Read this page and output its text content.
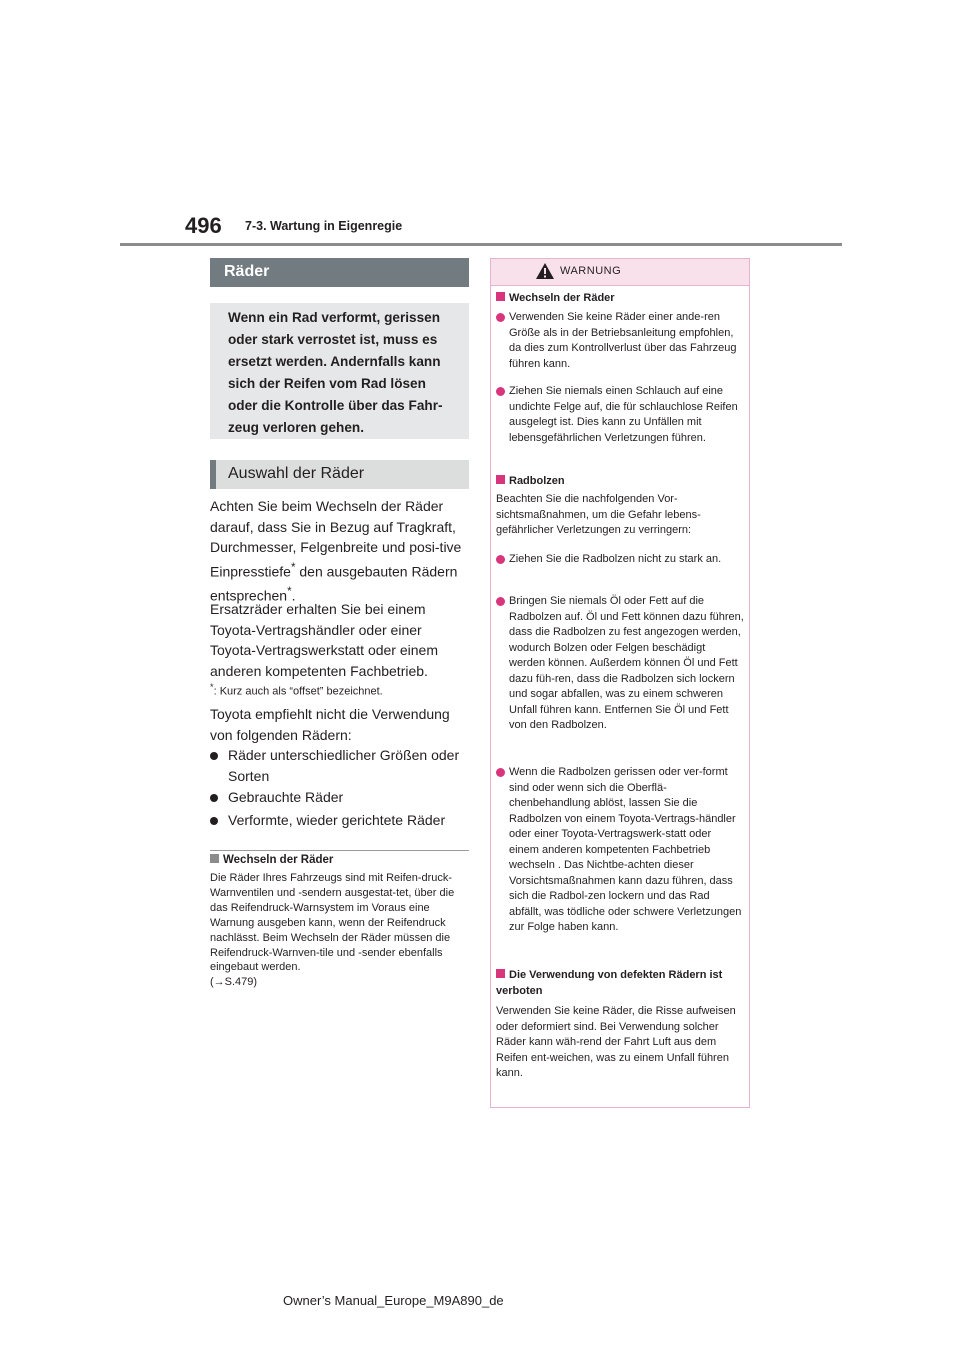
496 7-3. Wartung in Eigenregie
Räder
Wenn ein Rad verformt, gerissen oder stark verrostet ist, muss es ersetzt werden. Andernfalls kann sich der Reifen vom Rad lösen oder die Kontrolle über das Fahr-zeug verloren gehen.
Auswahl der Räder
Achten Sie beim Wechseln der Räder darauf, dass Sie in Bezug auf Tragkraft, Durchmesser, Felgenbreite und posi-tive Einpresstiefe* den ausgebauten Rädern entsprechen*.
Ersatzräder erhalten Sie bei einem Toyota-Vertragshändler oder einer Toyota-Vertragswerkstatt oder einem anderen kompetenten Fachbetrieb.
*: Kurz auch als “offset” bezeichnet.
Toyota empfiehlt nicht die Verwendung von folgenden Rädern:
Räder unterschiedlicher Größen oder Sorten
Gebrauchte Räder
Verformte, wieder gerichtete Räder
Wechseln der Räder
Die Räder Ihres Fahrzeugs sind mit Reifen-druck-Warnventilen und -sendern ausgestat-tet, über die das Reifendruck-Warnsystem im Voraus eine Warnung ausgeben kann, wenn der Reifendruck nachlässt. Beim Wechseln der Räder müssen die Reifendruck-Warnven-tile und -sender ebenfalls eingebaut werden.
(→S.479)
WARNUNG
Wechseln der Räder
Verwenden Sie keine Räder einer ande-ren Größe als in der Betriebsanleitung empfohlen, da dies zum Kontrollverlust über das Fahrzeug führen kann.
Ziehen Sie niemals einen Schlauch auf eine undichte Felge auf, die für schlauchlose Reifen ausgelegt ist. Dies kann zu Unfällen mit lebensgefährlichen Verletzungen führen.
Radbolzen
Beachten Sie die nachfolgenden Vor-sichtsmaßnahmen, um die Gefahr lebens-gefährlicher Verletzungen zu verringern:
Ziehen Sie die Radbolzen nicht zu stark an.
Bringen Sie niemals Öl oder Fett auf die Radbolzen auf. Öl und Fett können dazu führen, dass die Radbolzen zu fest angezogen werden, wodurch Bolzen oder Felgen beschädigt werden können. Außerdem können Öl und Fett dazu füh-ren, dass die Radbolzen sich lockern und sogar abfallen, was zu einem schweren Unfall führen kann. Entfernen Sie Öl und Fett von den Radbolzen.
Wenn die Radbolzen gerissen oder ver-formt sind oder wenn sich die Oberflä-chenbehandlung ablöst, lassen Sie die Radbolzen von einem Toyota-Vertrags-händler oder einer Toyota-Vertragswerk-statt oder einem anderen kompetenten Fachbetrieb wechseln . Das Nichtbe-achten dieser Vorsichtsmaßnahmen kann dazu führen, dass sich die Radbol-zen lockern und das Rad abfällt, was tödliche oder schwere Verletzungen zur Folge haben kann.
Die Verwendung von defekten Rädern ist verboten
Verwenden Sie keine Räder, die Risse aufweisen oder deformiert sind. Bei Verwendung solcher Räder kann wäh-rend der Fahrt Luft aus dem Reifen ent-weichen, was zu einem Unfall führen kann.
Owner’s Manual_Europe_M9A890_de
